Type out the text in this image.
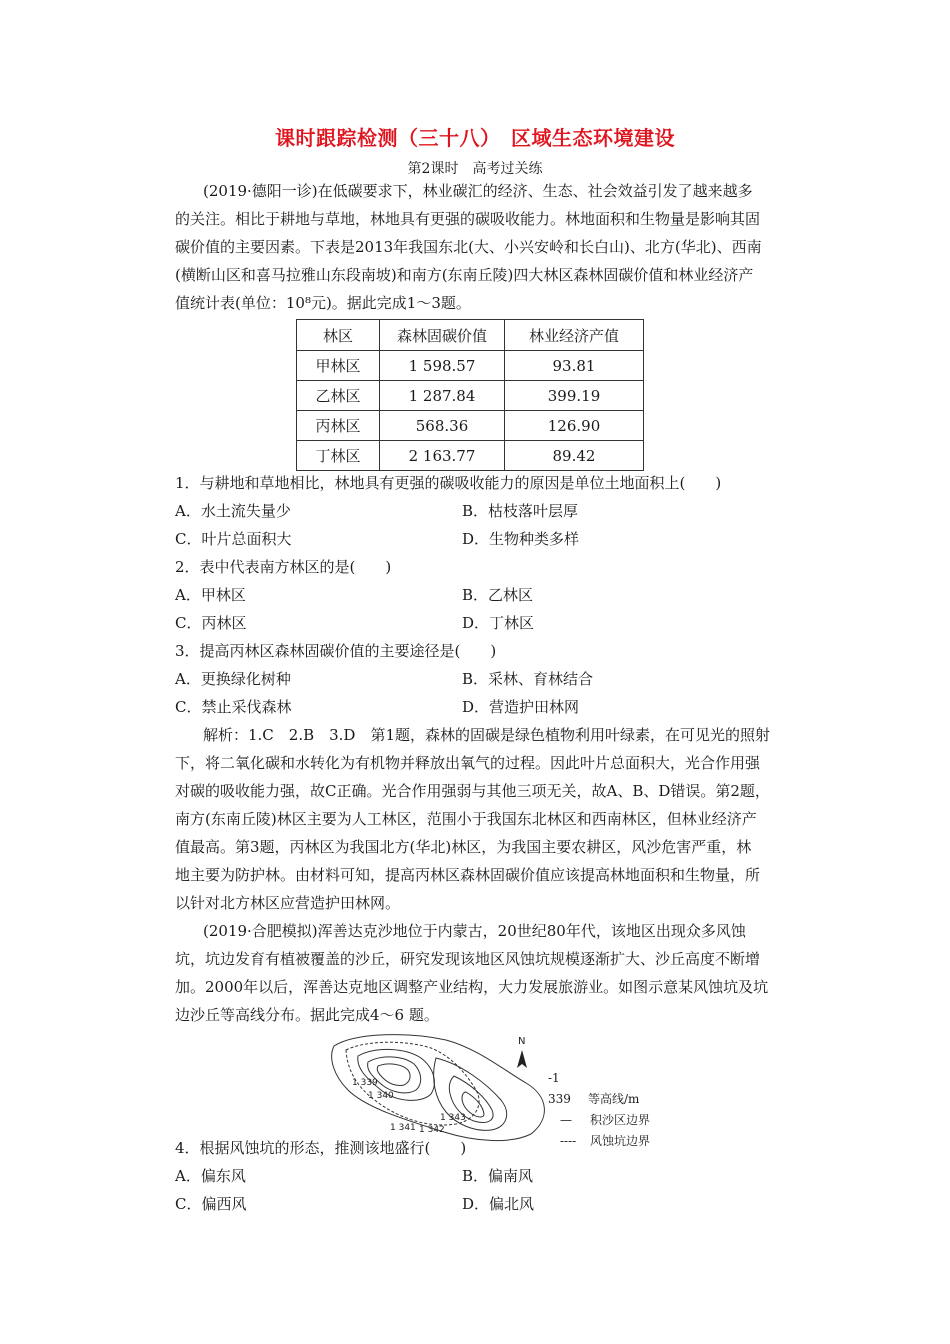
课时跟踪检测（三十八）　区域生态环境建设
第2课时　高考过关练
(2019·德阳一诊)在低碳要求下，林业碳汇的经济、生态、社会效益引发了越来越多
的关注。相比于耕地与草地，林地具有更强的碳吸收能力。林地面积和生物量是影响其固
碳价值的主要因素。下表是2013年我国东北(大、小兴安岭和长白山)、北方(华北)、西南
(横断山区和喜马拉雅山东段南坡)和南方(东南丘陵)四大林区森林固碳价值和林业经济产
值统计表(单位：10⁸元)。据此完成1～3题。
林区	森林固碳价值	林业经济产值
甲林区	1 598.57	93.81
乙林区	1 287.84	399.19
丙林区	568.36	126.90
丁林区	2 163.77	89.42
1．与耕地和草地相比，林地具有更强的碳吸收能力的原因是单位土地面积上(　　)
A．水土流失量少	B．枯枝落叶层厚
C．叶片总面积大	D．生物种类多样
2．表中代表南方林区的是(　　)
A．甲林区	B．乙林区
C．丙林区	D．丁林区
3．提高丙林区森林固碳价值的主要途径是(　　)
A．更换绿化树种	B．采林、育林结合
C．禁止采伐森林	D．营造护田林网
解析：1.C　2.B　3.D　第1题，森林的固碳是绿色植物利用叶绿素，在可见光的照射
下，将二氧化碳和水转化为有机物并释放出氧气的过程。因此叶片总面积大，光合作用强
对碳的吸收能力强，故C正确。光合作用强弱与其他三项无关，故A、B、D错误。第2题，
南方(东南丘陵)林区主要为人工林区，范围小于我国东北林区和西南林区，但林业经济产
值最高。第3题，丙林区为我国北方(华北)林区，为我国主要农耕区，风沙危害严重，林
地主要为防护林。由材料可知，提高丙林区森林固碳价值应该提高林地面积和生物量，所
以针对北方林区应营造护田林网。
(2019·合肥模拟)浑善达克沙地位于内蒙古，20世纪80年代，该地区出现众多风蚀
坑，坑边发育有植被覆盖的沙丘，研究发现该地区风蚀坑规模逐渐扩大、沙丘高度不断增
加。2000年以后，浑善达克地区调整产业结构，大力发展旅游业。如图示意某风蚀坑及坑
边沙丘等高线分布。据此完成4～6 题。
1 339
1 340
1 341 1 342
1 343
N
-1 339 等高线/m
— 积沙区边界
---- 风蚀坑边界
4．根据风蚀坑的形态，推测该地盛行(　　)
A．偏东风	B．偏南风
C．偏西风	D．偏北风
